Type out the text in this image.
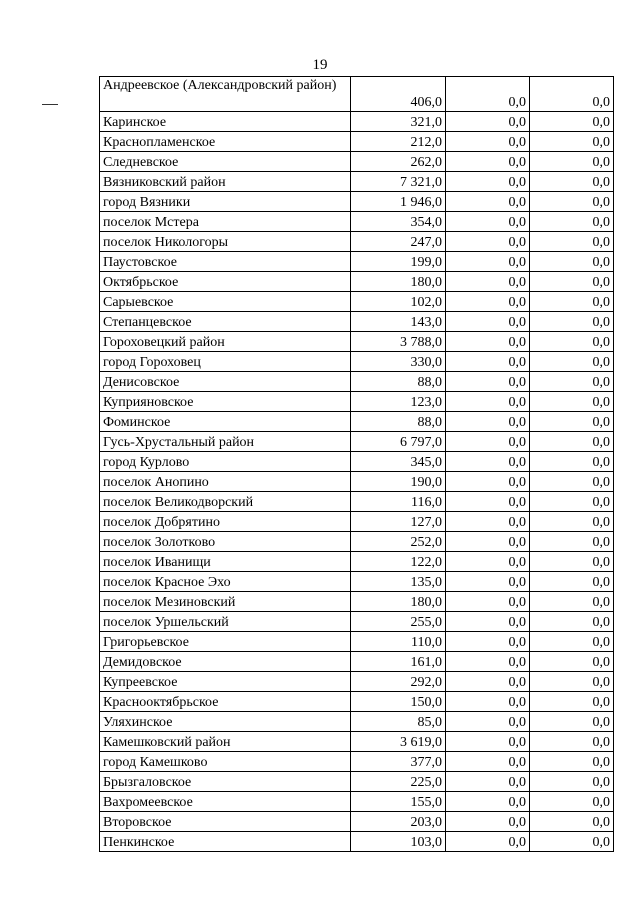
19
Андреевское (Александровский район)	406,0	0,0	0,0
Каринское	321,0	0,0	0,0
Краснопламенское	212,0	0,0	0,0
Следневское	262,0	0,0	0,0
Вязниковский район	7 321,0	0,0	0,0
город Вязники	1 946,0	0,0	0,0
поселок Мстера	354,0	0,0	0,0
поселок Никологоры	247,0	0,0	0,0
Паустовское	199,0	0,0	0,0
Октябрьское	180,0	0,0	0,0
Сарыевское	102,0	0,0	0,0
Степанцевское	143,0	0,0	0,0
Гороховецкий район	3 788,0	0,0	0,0
город Гороховец	330,0	0,0	0,0
Денисовское	88,0	0,0	0,0
Куприяновское	123,0	0,0	0,0
Фоминское	88,0	0,0	0,0
Гусь-Хрустальный район	6 797,0	0,0	0,0
город Курлово	345,0	0,0	0,0
поселок Анопино	190,0	0,0	0,0
поселок Великодворский	116,0	0,0	0,0
поселок Добрятино	127,0	0,0	0,0
поселок Золотково	252,0	0,0	0,0
поселок Иванищи	122,0	0,0	0,0
поселок Красное Эхо	135,0	0,0	0,0
поселок Мезиновский	180,0	0,0	0,0
поселок Уршельский	255,0	0,0	0,0
Григорьевское	110,0	0,0	0,0
Демидовское	161,0	0,0	0,0
Купреевское	292,0	0,0	0,0
Краснооктябрьское	150,0	0,0	0,0
Уляхинское	85,0	0,0	0,0
Камешковский район	3 619,0	0,0	0,0
город Камешково	377,0	0,0	0,0
Брызгаловское	225,0	0,0	0,0
Вахромеевское	155,0	0,0	0,0
Второвское	203,0	0,0	0,0
Пенкинское	103,0	0,0	0,0
